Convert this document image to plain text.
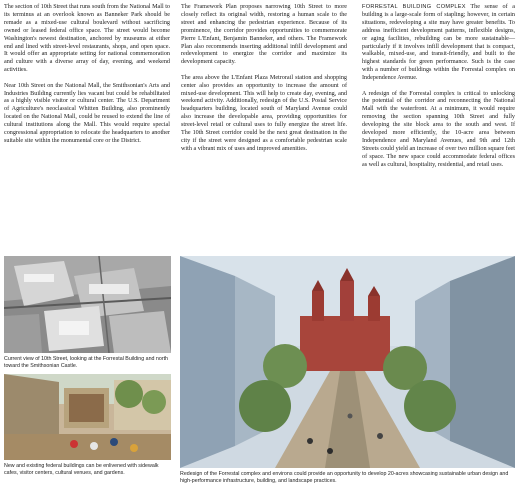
The section of 10th Street that runs south from the National Mall to its terminus at an overlook known as Banneker Park should be remade as a mixed-use cultural boulevard without sacrificing owned or leased federal office space. The street would become Washington's newest destination, anchored by museums at either end and lined with street-level restaurants, shops, and open space. It would offer an appropriate setting for national commemoration and culture with a diverse array of day, evening, and weekend activities.

Near 10th Street on the National Mall, the Smithsonian's Arts and Industries Building currently lies vacant but could be rehabilitated as a highly visible visitor or cultural center. The U.S. Department of Agriculture's neoclassical Whitten Building, also prominently located on the National Mall, could be reused to extend the line of cultural institutions along the Mall. This would require special congressional appropriation to relocate the headquarters to another suitable site within the monumental core or the District.

The Framework Plan proposes narrowing 10th Street to more closely reflect its original width, restoring a human scale to the street and enhancing the pedestrian experience. Because of its prominence, the corridor provides opportunities to commemorate Pierre L'Enfant, Benjamin Banneker, and others. The Framework Plan also recommends inserting additional infill development and redevelopment to energize the corridor and maximize its development capacity.

The area above the L'Enfant Plaza Metrorail station and shopping center also provides an opportunity to increase the amount of mixed-use development. This will help to create day, evening, and weekend activity. Additionally, redesign of the U.S. Postal Service headquarters building, located south of Maryland Avenue could also increase the developable area, providing opportunities for street-level retail or cultural uses to fully energize the street life. The 10th Street corridor could be the next great destination in the city if the street were designed as a comfortable pedestrian scale with a vibrant mix of uses and improved amenities.

FORRESTAL BUILDING COMPLEX The sense of a building is a large-scale form of stapling; however, in certain situations, redeveloping a site may have greater benefits. To address inefficient development patterns, inflexible designs, or aging facilities, rebuilding can be more sustainable—particularly if it involves infill development that is compact, walkable, mixed-use, and transit-friendly, and built to the highest standards for green performance. Such is the case with a number of buildings within the Forrestal complex on Independence Avenue.

A redesign of the Forrestal complex is critical to unlocking the potential of the corridor and reconnecting the National Mall with the waterfront. At a minimum, it would require removing the section spanning 10th Street and fully developing the site block area to the south and west. If developed more efficiently, the 10-acre area between Independence and Maryland Avenues, and 9th and 12th Streets could yield an increase of over two million square feet of space. The new space could accommodate federal offices as well as cultural, hospitality, residential, and retail uses.

Current view of 10th Street, looking at the Forrestal Building and north toward the Smithsonian Castle.
New and existing federal buildings can be enlivened with sidewalk cafes, visitor centers, cultural venues, and gardens.	Redesign of the Forrestal complex and environs could provide an opportunity to develop 20-acres showcasing sustainable urban design and high-performance infrastructure, building, and landscape practices.
